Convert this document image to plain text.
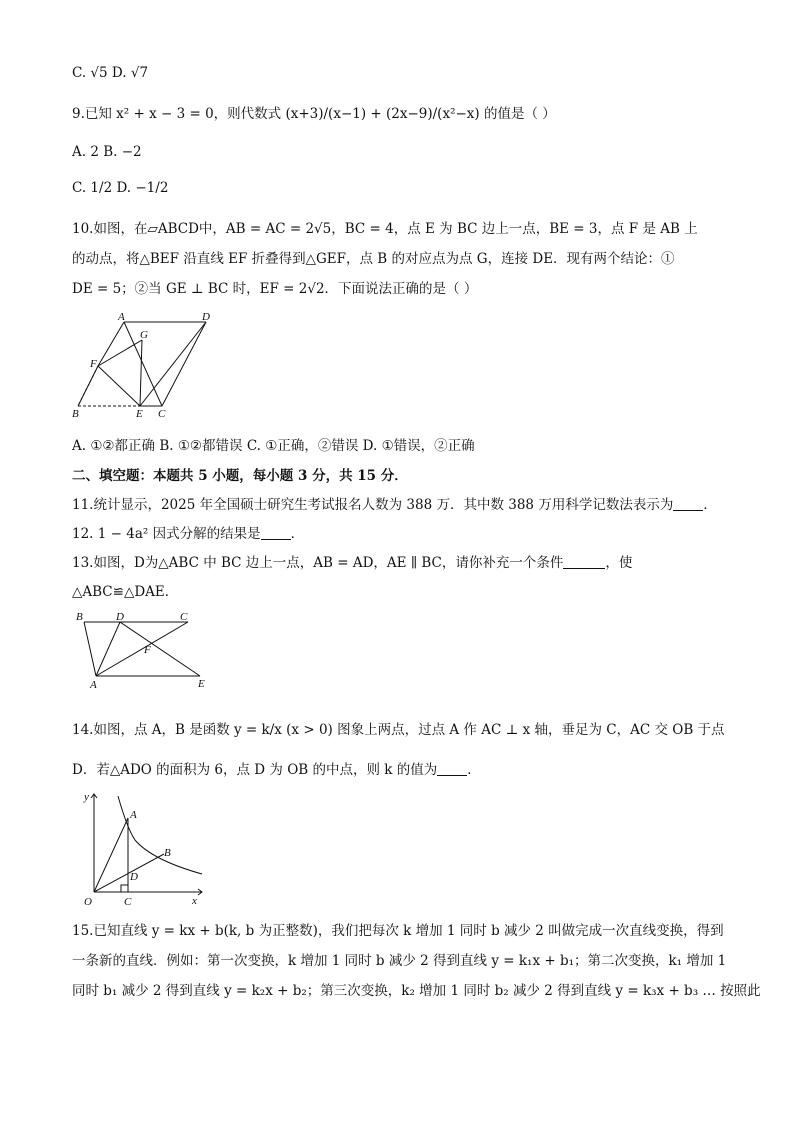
C. √5 D. √7
9.已知 x² + x − 3 = 0，则代数式 (x+3)/(x−1) + (2x−9)/(x²−x) 的值是（ ）
A. 2 B. −2
C. 1/2 D. −1/2
10.如图，在▱ABCD中，AB = AC = 2√5，BC = 4，点 E 为 BC 边上一点，BE = 3，点 F 是 AB 上
的动点，将△BEF 沿直线 EF 折叠得到△GEF，点 B 的对应点为点 G，连接 DE．现有两个结论：①
DE = 5；②当 GE ⊥ BC 时，EF = 2√2．下面说法正确的是（ ）
A	D
G
F
B	E C
A. ①②都正确 B. ①②都错误 C. ①正确，②错误 D. ①错误，②正确
二、填空题：本题共 5 小题，每小题 3 分，共 15 分．
11.统计显示，2025 年全国硕士研究生考试报名人数为 388 万．其中数 388 万用科学记数法表示为 ．
12. 1 − 4a² 因式分解的结果是 ．
13.如图，D为△ABC 中 BC 边上一点，AB = AD，AE ∥ BC，请你补充一个条件	，使
△ABC≌△DAE．
B	D	C
F
A	E
14.如图，点 A，B 是函数 y = k/x (x > 0) 图象上两点，过点 A 作 AC ⊥ x 轴，垂足为 C，AC 交 OB 于点
D．若△ADO 的面积为 6，点 D 为 OB 的中点，则 k 的值为 ．
y
x
O
A
B
C
D
15.已知直线 y = kx + b(k, b 为正整数)，我们把每次 k 增加 1 同时 b 减少 2 叫做完成一次直线变换，得到
一条新的直线．例如：第一次变换，k 增加 1 同时 b 减少 2 得到直线 y = k₁x + b₁；第二次变换，k₁ 增加 1
同时 b₁ 减少 2 得到直线 y = k₂x + b₂；第三次变换，k₂ 增加 1 同时 b₂ 减少 2 得到直线 y = k₃x + b₃ … 按照此
